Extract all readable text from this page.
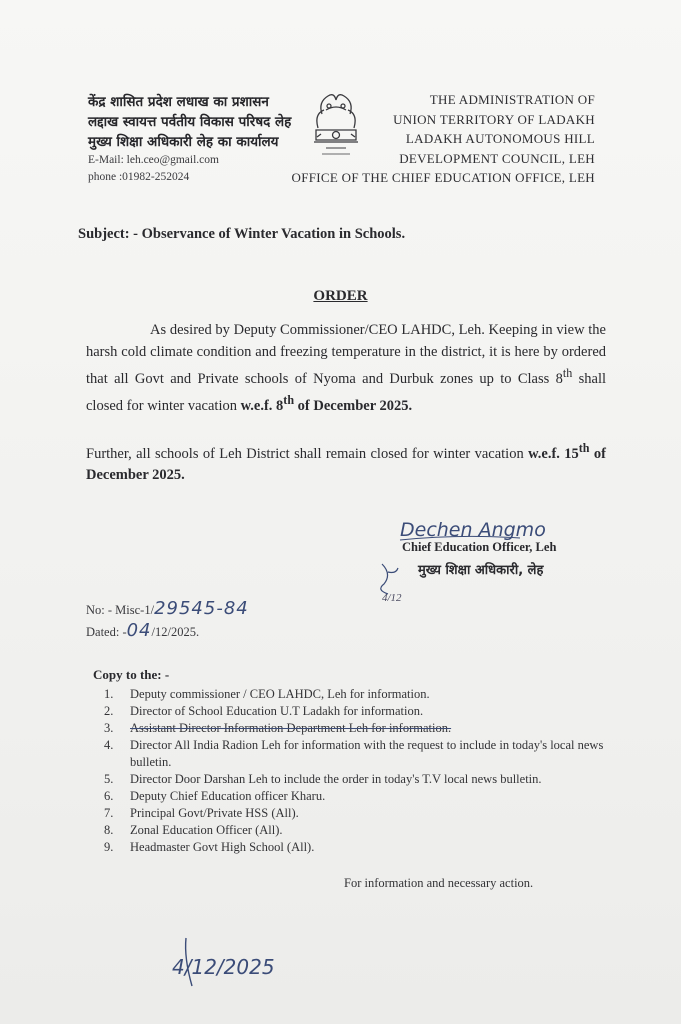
केंद्र शासित प्रदेश लधाख का प्रशासन
लद्दाख स्वायत्त पर्वतीय विकास परिषद लेह
मुख्य शिक्षा अधिकारी लेह का कार्यालय
E-Mail: leh.ceo@gmail.com
phone :01982-252024
THE ADMINISTRATION OF
UNION TERRITORY OF LADAKH
LADAKH AUTONOMOUS HILL
DEVELOPMENT COUNCIL, LEH
OFFICE OF THE CHIEF EDUCATION OFFICE, LEH
Subject: - Observance of Winter Vacation in Schools.
ORDER
As desired by Deputy Commissioner/CEO LAHDC, Leh. Keeping in view the harsh cold climate condition and freezing temperature in the district, it is here by ordered that all Govt and Private schools of Nyoma and Durbuk zones up to Class 8th shall closed for winter vacation w.e.f. 8th of December 2025.
Further, all schools of Leh District shall remain closed for winter vacation w.e.f. 15th of December 2025.
Dechen Angmo
Chief Education Officer, Leh
मुख्य शिक्षा अधिकारी, लेह
4/12
No: - Misc-1/29545-84
Dated: -04/12/2025.
Copy to the: -
1. Deputy commissioner / CEO LAHDC, Leh for information.
2. Director of School Education U.T Ladakh for information.
3. Assistant Director Information Department Leh for information.
4. Director All India Radion Leh for information with the request to include in today's local news bulletin.
5. Director Door Darshan Leh to include the order in today's T.V local news bulletin.
6. Deputy Chief Education officer Kharu.
7. Principal Govt/Private HSS (All).
8. Zonal Education Officer (All).
9. Headmaster Govt High School (All).
For information and necessary action.
4/12/2025
